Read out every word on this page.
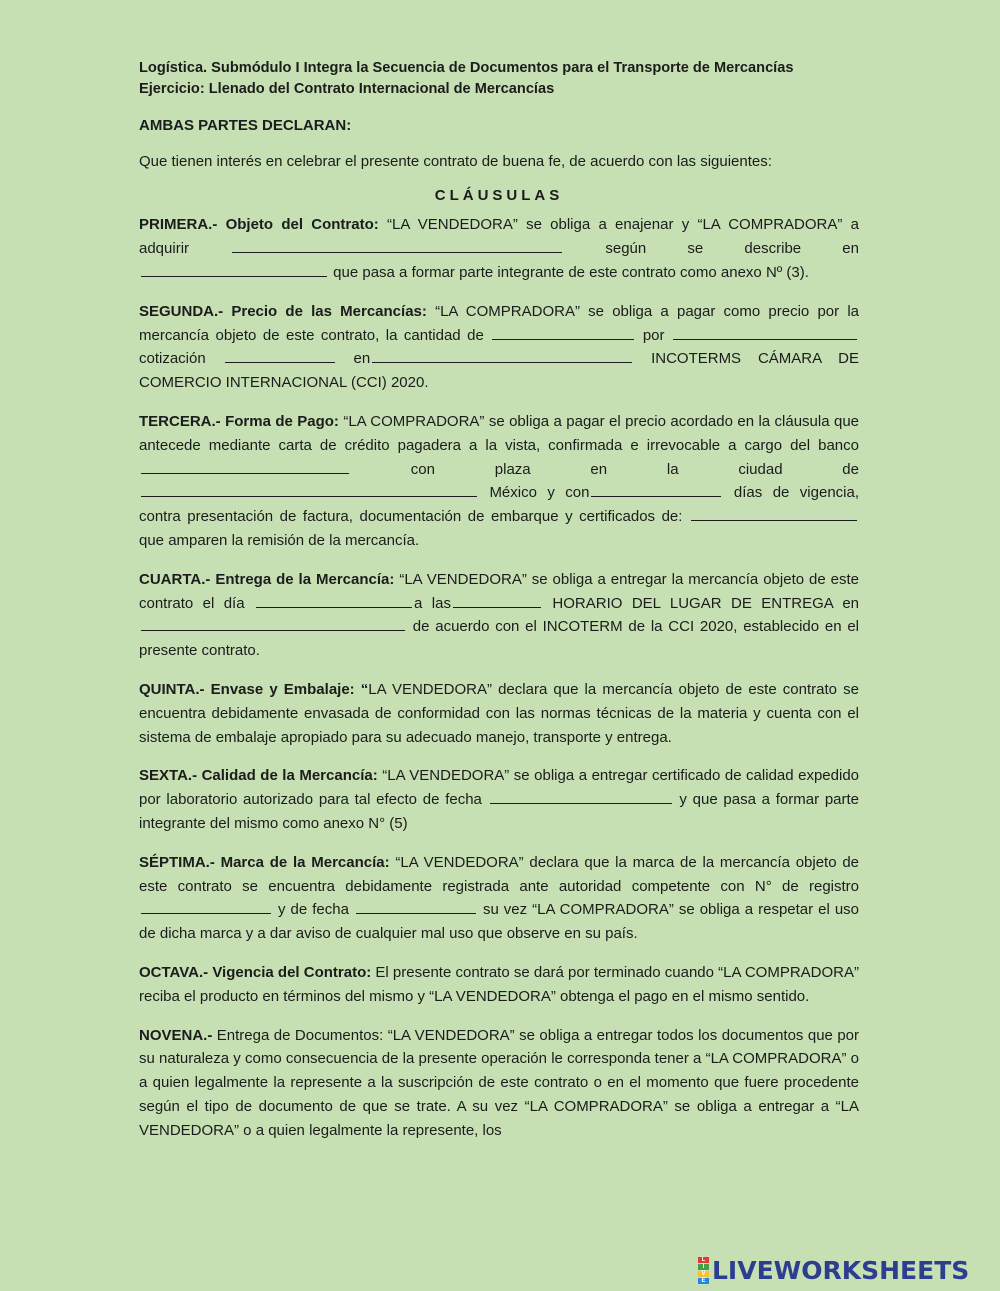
Logística. Submódulo I Integra la Secuencia de Documentos para el Transporte de Mercancías
Ejercicio: Llenado del Contrato Internacional de Mercancías
AMBAS PARTES DECLARAN:
Que tienen interés en celebrar el presente contrato de buena fe, de acuerdo con las siguientes:
CLÁUSULAS

PRIMERA.- Objeto del Contrato: “LA VENDEDORA” se obliga a enajenar y “LA COMPRADORA” a adquirir	según se describe en  que pasa a formar parte integrante de este contrato como anexo Nº (3).

SEGUNDA.- Precio de las Mercancías: “LA COMPRADORA” se obliga a pagar como precio por la mercancía objeto de este contrato, la cantidad de	por cotización	en	INCOTERMS CÁMARA DE COMERCIO INTERNACIONAL (CCI) 2020.

TERCERA.- Forma de Pago: “LA COMPRADORA” se obliga a pagar el precio acordado en la cláusula que antecede mediante carta de crédito pagadera a la vista, confirmada e irrevocable a cargo del banco  con plaza en la ciudad de  México y con	días de vigencia, contra presentación de factura, documentación de embarque y certificados de:  que amparen la remisión de la mercancía.

CUARTA.- Entrega de la Mercancía: “LA VENDEDORA” se obliga a entregar la mercancía objeto de este contrato el día	a las	HORARIO DEL LUGAR DE ENTREGA en de acuerdo con el INCOTERM de la CCI 2020, establecido en el presente contrato.

QUINTA.- Envase y Embalaje: “LA VENDEDORA” declara que la mercancía objeto de este contrato se encuentra debidamente envasada de conformidad con las normas técnicas de la materia y cuenta con el sistema de embalaje apropiado para su adecuado manejo, transporte y entrega.

SEXTA.- Calidad de la Mercancía: “LA VENDEDORA” se obliga a entregar certificado de calidad expedido por laboratorio autorizado para tal efecto de fecha	y que pasa a formar parte integrante del mismo como anexo N° (5)

SÉPTIMA.- Marca de la Mercancía: “LA VENDEDORA” declara que la marca de la mercancía objeto de este contrato se encuentra debidamente registrada ante autoridad competente con N° de registro y de fecha	su vez “LA COMPRADORA” se obliga a respetar el uso de dicha marca y a dar aviso de cualquier mal uso que observe en su país.

OCTAVA.- Vigencia del Contrato: El presente contrato se dará por terminado cuando “LA COMPRADORA” reciba el producto en términos del mismo y “LA VENDEDORA” obtenga el pago en el mismo sentido.

NOVENA.- Entrega de Documentos: “LA VENDEDORA” se obliga a entregar todos los documentos que por su naturaleza y como consecuencia de la presente operación le corresponda tener a “LA COMPRADORA” o a quien legalmente la represente a la suscripción de este contrato o en el momento que fuere procedente según el tipo de documento de que se trate. A su vez “LA COMPRADORA” se obliga a entregar a “LA VENDEDORA” o a quien legalmente la represente, los

L
I
V
E LIVEWORKSHEETS
